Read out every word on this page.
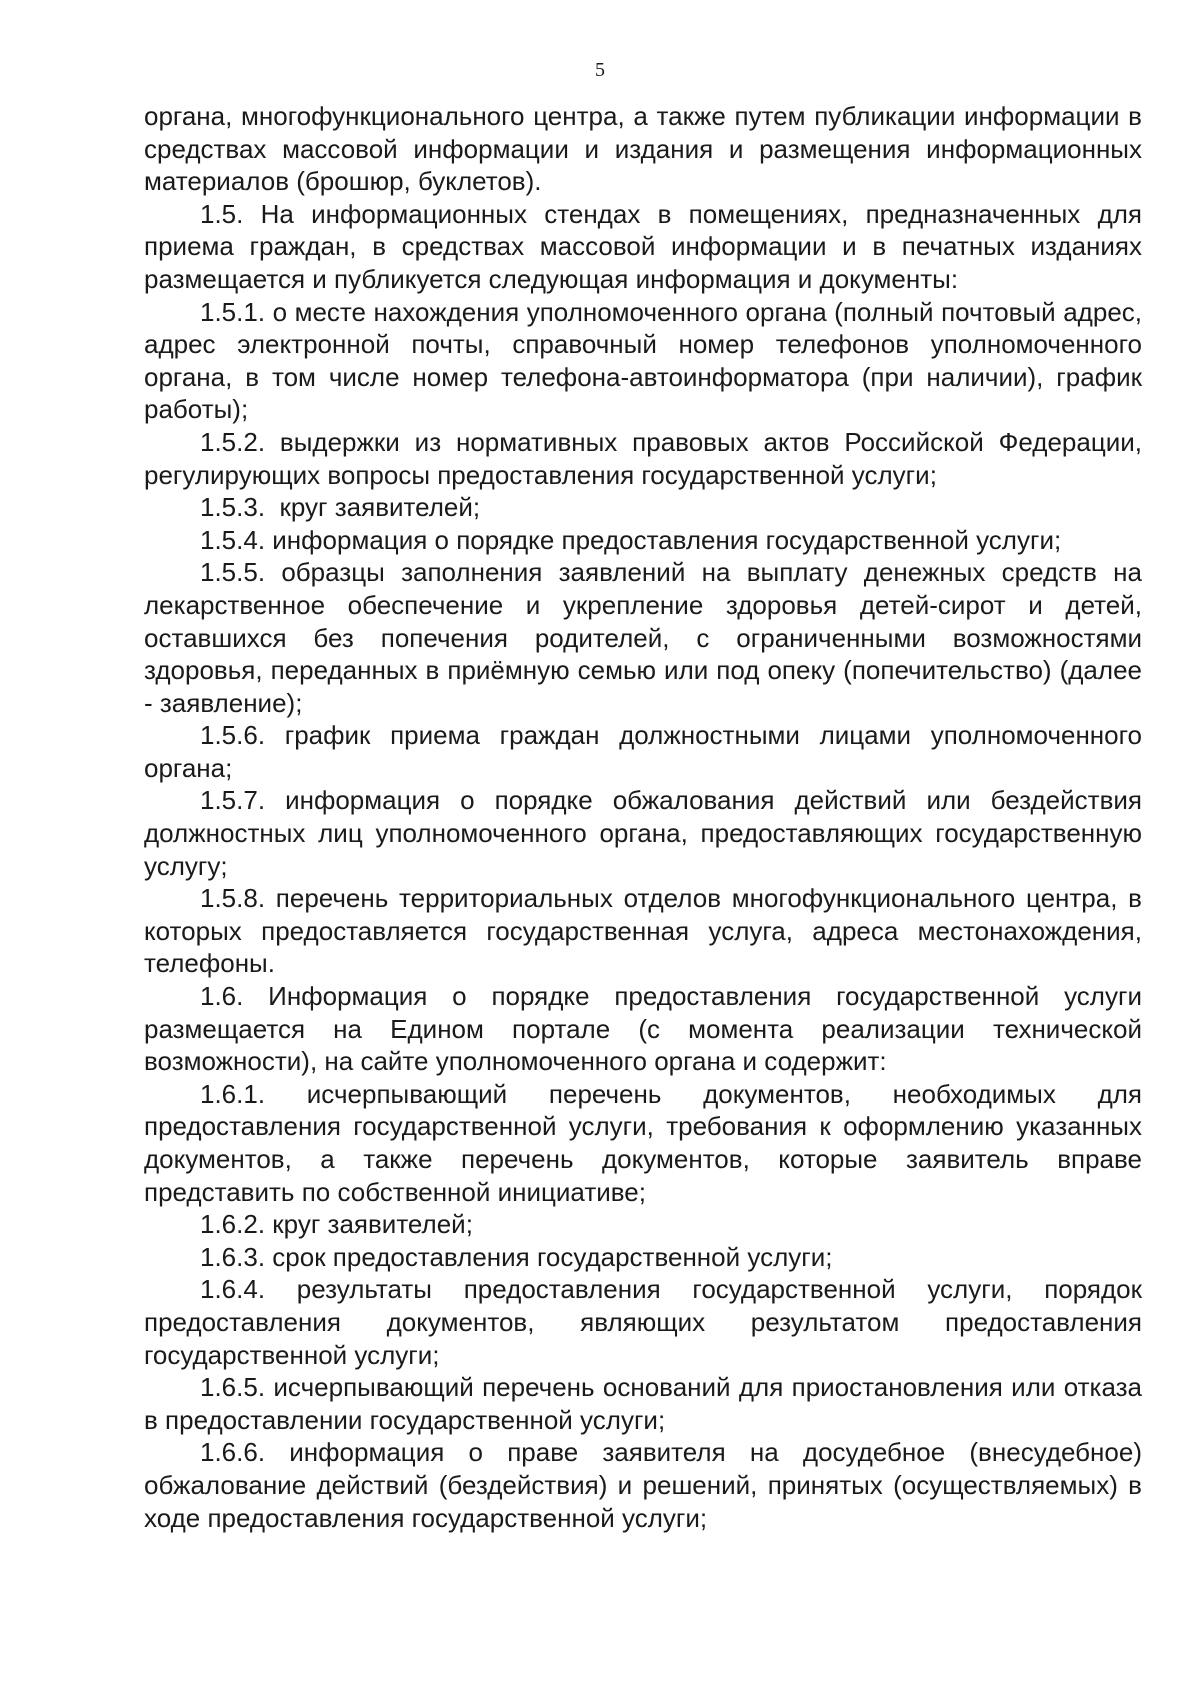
5

органа, многофункционального центра, а также путем публикации информации в средствах массовой информации и издания и размещения информационных материалов (брошюр, буклетов).

1.5. На информационных стендах в помещениях, предназначенных для приема граждан, в средствах массовой информации и в печатных изданиях размещается и публикуется следующая информация и документы:

1.5.1. о месте нахождения уполномоченного органа (полный почтовый адрес, адрес электронной почты, справочный номер телефонов уполномоченного органа, в том числе номер телефона-автоинформатора (при наличии), график работы);

1.5.2. выдержки из нормативных правовых актов Российской Федерации, регулирующих вопросы предоставления государственной услуги;

1.5.3.  круг заявителей;

1.5.4. информация о порядке предоставления государственной услуги;

1.5.5. образцы заполнения заявлений на выплату денежных средств на лекарственное обеспечение и укрепление здоровья детей-сирот и детей, оставшихся без попечения родителей, с ограниченными возможностями здоровья, переданных в приёмную семью или под опеку (попечительство) (далее - заявление);

1.5.6. график приема граждан должностными лицами уполномоченного органа;

1.5.7. информация о порядке обжалования действий или бездействия должностных лиц уполномоченного органа, предоставляющих государственную услугу;

1.5.8. перечень территориальных отделов многофункционального центра, в которых предоставляется государственная услуга, адреса местонахождения, телефоны.

1.6. Информация о порядке предоставления государственной услуги размещается на Едином портале (с момента реализации технической возможности), на сайте уполномоченного органа и содержит:

1.6.1. исчерпывающий перечень документов, необходимых для предоставления государственной услуги, требования к оформлению указанных документов, а также перечень документов, которые заявитель вправе представить по собственной инициативе;

1.6.2. круг заявителей;

1.6.3. срок предоставления государственной услуги;

1.6.4. результаты предоставления государственной услуги, порядок предоставления документов, являющих результатом предоставления государственной услуги;

1.6.5. исчерпывающий перечень оснований для приостановления или отказа в предоставлении государственной услуги;

1.6.6. информация о праве заявителя на досудебное (внесудебное) обжалование действий (бездействия) и решений, принятых (осуществляемых) в ходе предоставления государственной услуги;
